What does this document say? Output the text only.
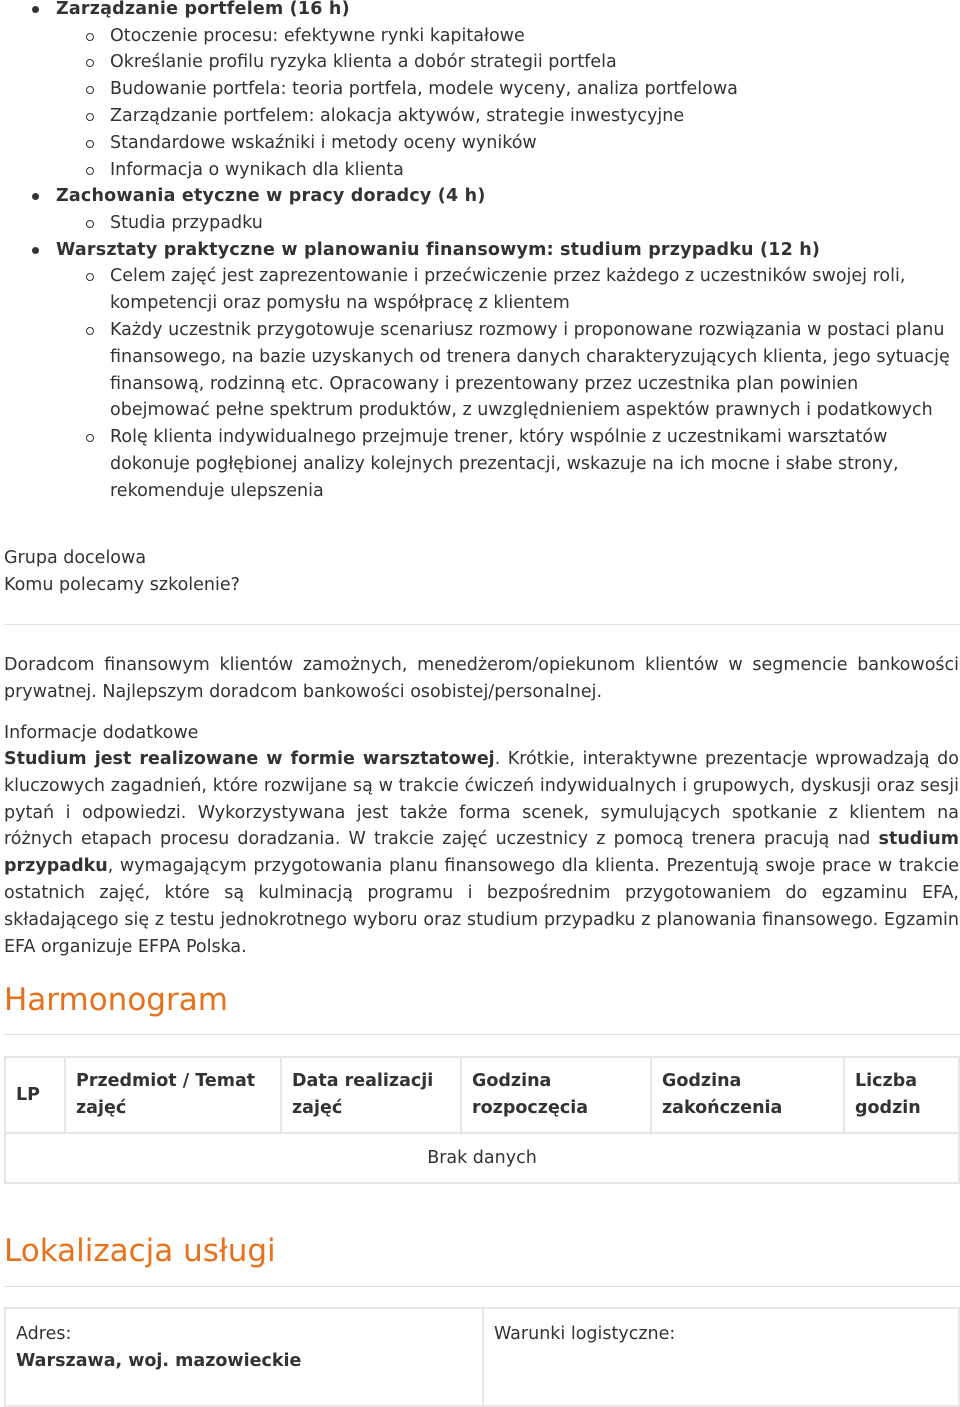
Zarządzanie portfelem (16 h)
Otoczenie procesu: efektywne rynki kapitałowe
Określanie profilu ryzyka klienta a dobór strategii portfela
Budowanie portfela: teoria portfela, modele wyceny, analiza portfelowa
Zarządzanie portfelem: alokacja aktywów, strategie inwestycyjne
Standardowe wskaźniki i metody oceny wyników
Informacja o wynikach dla klienta
Zachowania etyczne w pracy doradcy (4 h)
Studia przypadku
Warsztaty praktyczne w planowaniu finansowym: studium przypadku (12 h)
Celem zajęć jest zaprezentowanie i przećwiczenie przez każdego z uczestników swojej roli, kompetencji oraz pomysłu na współpracę z klientem
Każdy uczestnik przygotowuje scenariusz rozmowy i proponowane rozwiązania w postaci planu finansowego, na bazie uzyskanych od trenera danych charakteryzujących klienta, jego sytuację finansową, rodzinną etc. Opracowany i prezentowany przez uczestnika plan powinien obejmować pełne spektrum produktów, z uwzględnieniem aspektów prawnych i podatkowych
Rolę klienta indywidualnego przejmuje trener, który wspólnie z uczestnikami warsztatów dokonuje pogłębionej analizy kolejnych prezentacji, wskazuje na ich mocne i słabe strony, rekomenduje ulepszenia
Grupa docelowa
Komu polecamy szkolenie?
Doradcom finansowym klientów zamożnych, menedżerom/opiekunom klientów w segmencie bankowości prywatnej. Najlepszym doradcom bankowości osobistej/personalnej.
Informacje dodatkowe
Studium jest realizowane w formie warsztatowej. Krótkie, interaktywne prezentacje wprowadzają do kluczowych zagadnień, które rozwijane są w trakcie ćwiczeń indywidualnych i grupowych, dyskusji oraz sesji pytań i odpowiedzi. Wykorzystywana jest także forma scenek, symulujących spotkanie z klientem na różnych etapach procesu doradzania. W trakcie zajęć uczestnicy z pomocą trenera pracują nad studium przypadku, wymagającym przygotowania planu finansowego dla klienta. Prezentują swoje prace w trakcie ostatnich zajęć, które są kulminacją programu i bezpośrednim przygotowaniem do egzaminu EFA, składającego się z testu jednokrotnego wyboru oraz studium przypadku z planowania finansowego. Egzamin EFA organizuje EFPA Polska.
Harmonogram
LP	Przedmiot / Temat zajęć	Data realizacji zajęć	Godzina rozpoczęcia	Godzina zakończenia	Liczba godzin
Brak danych
Lokalizacja usługi
Adres:
Warszawa, woj. mazowieckie

Warunki logistyczne:
